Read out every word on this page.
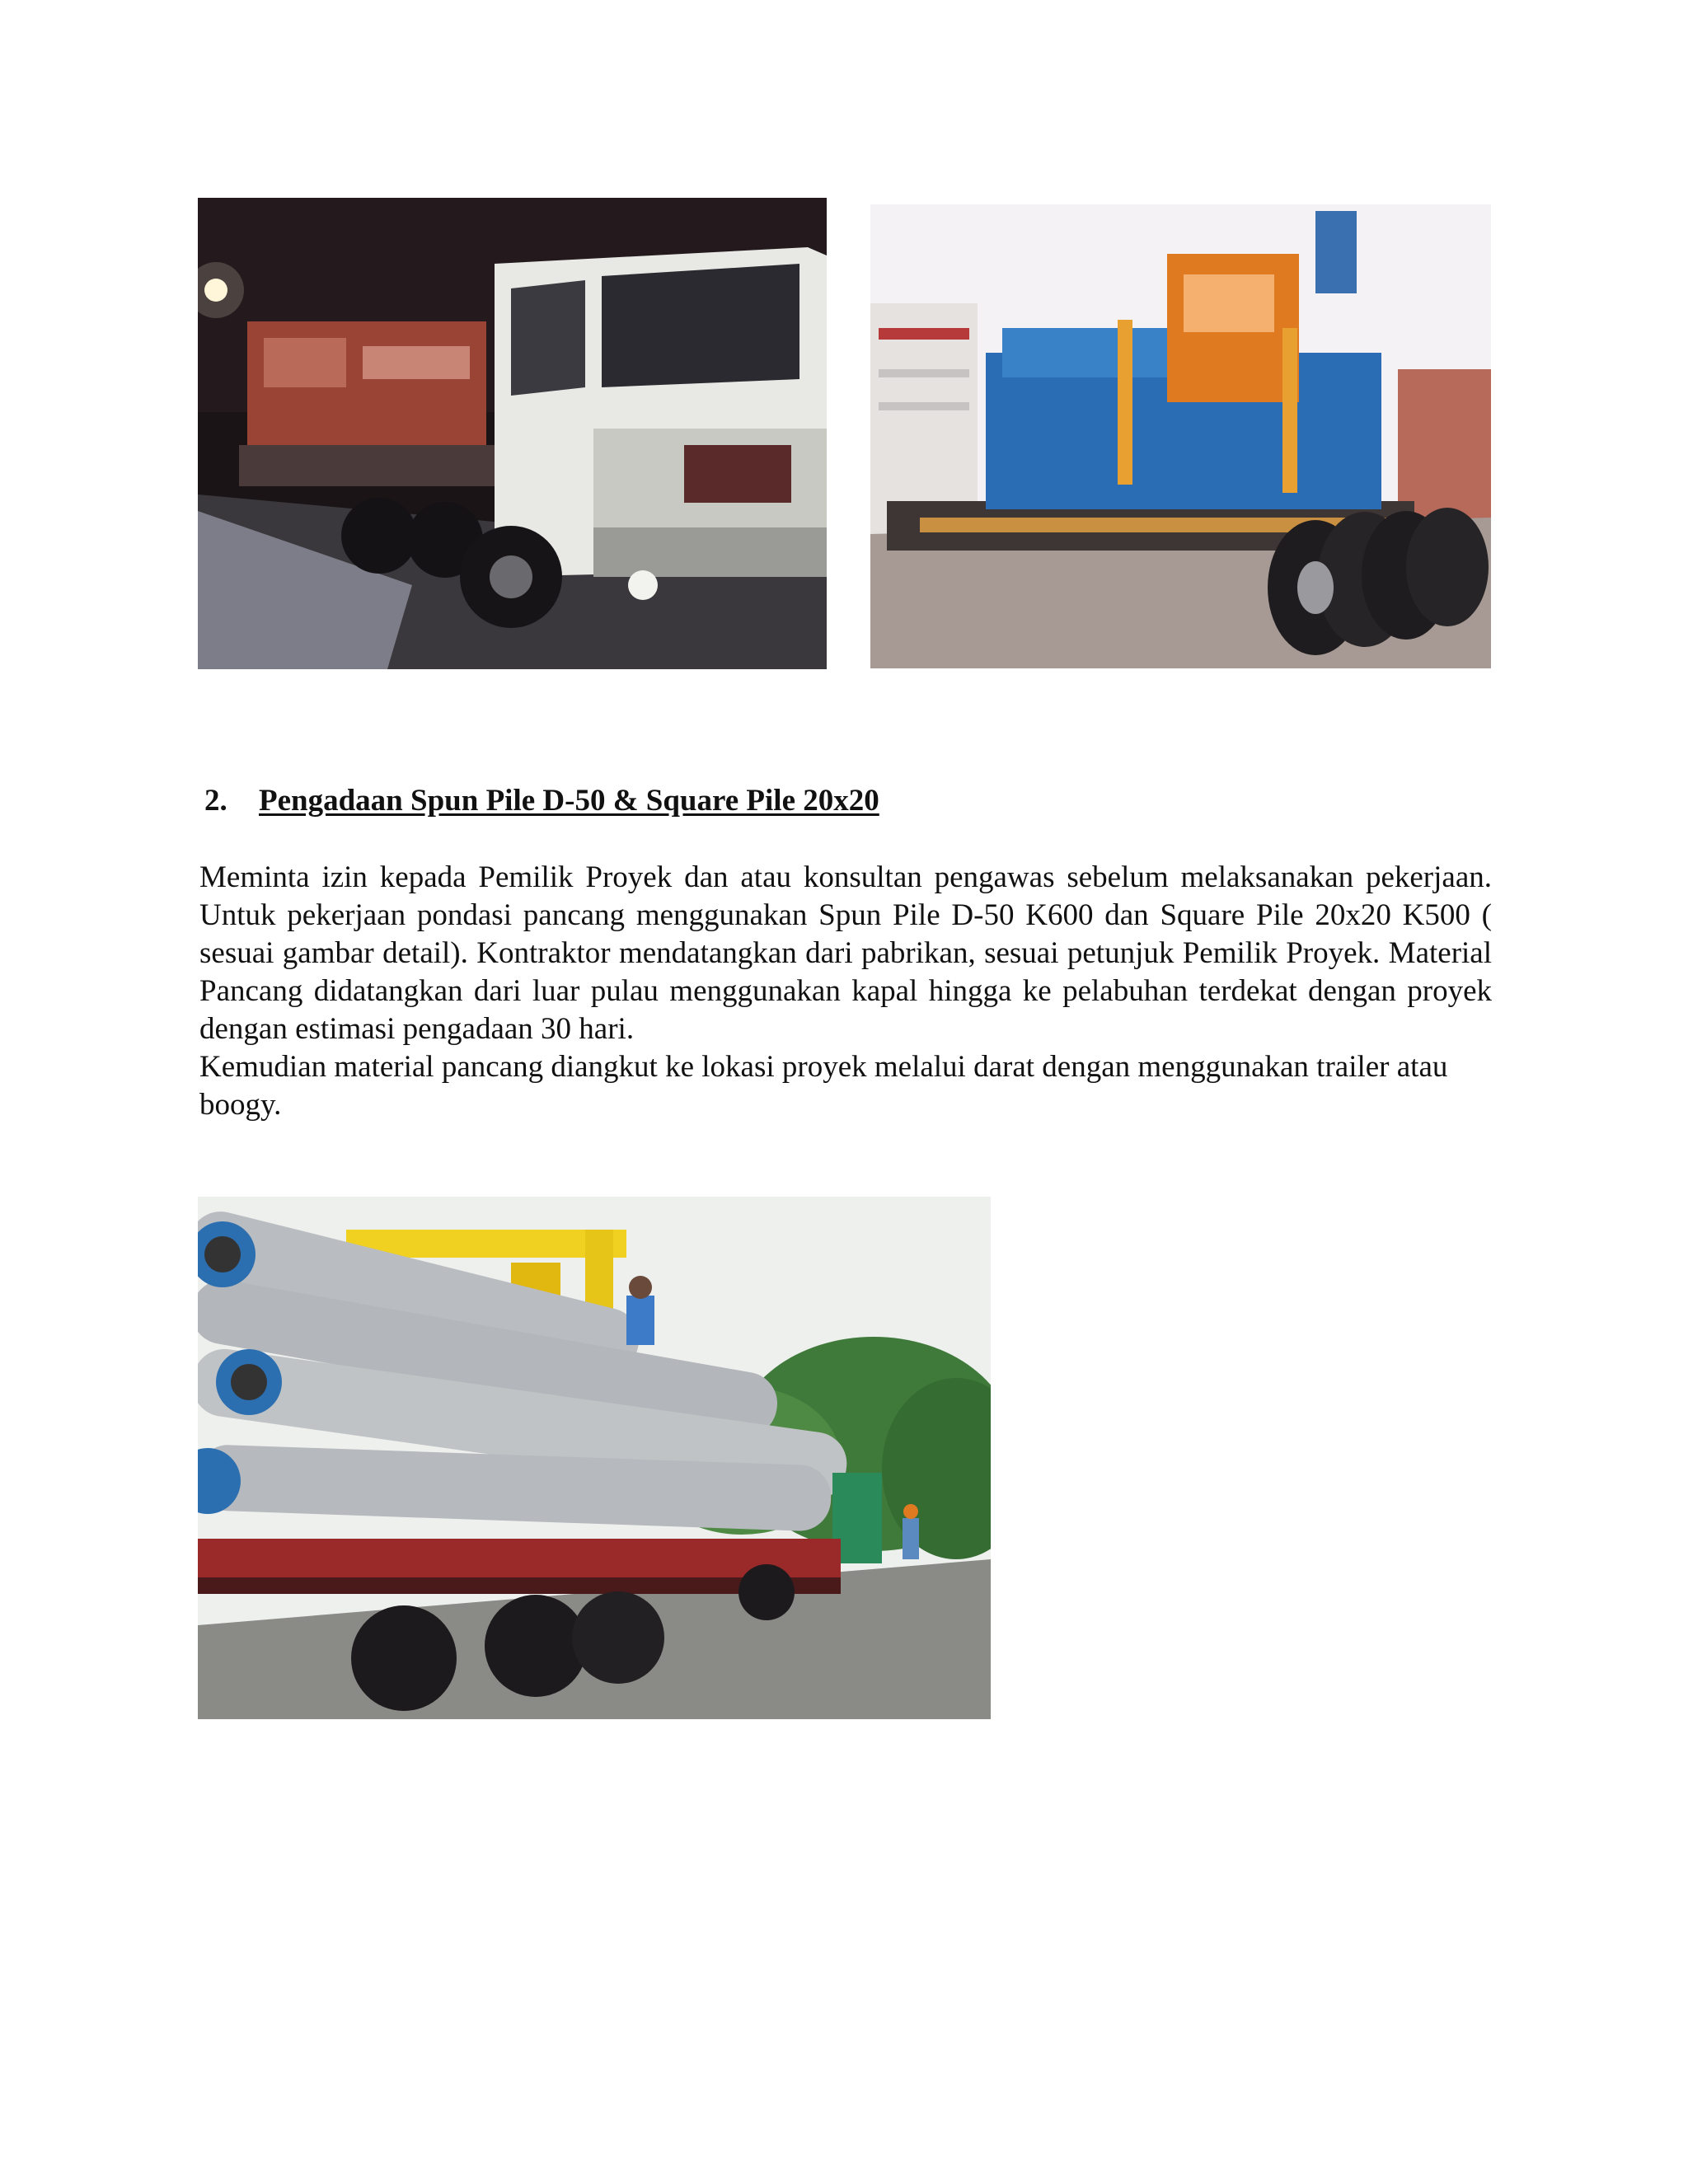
2. Pengadaan Spun Pile D-50 & Square Pile 20x20

Meminta izin kepada Pemilik Proyek dan atau konsultan pengawas sebelum melaksanakan pekerjaan. Untuk pekerjaan pondasi pancang menggunakan Spun Pile D-50 K600 dan Square Pile 20x20 K500 ( sesuai gambar detail). Kontraktor mendatangkan dari pabrikan, sesuai petunjuk Pemilik Proyek. Material Pancang didatangkan dari luar pulau menggunakan kapal hingga ke pelabuhan terdekat dengan proyek dengan estimasi pengadaan 30 hari.

Kemudian material pancang diangkut ke lokasi proyek melalui darat dengan menggunakan trailer atau boogy.
